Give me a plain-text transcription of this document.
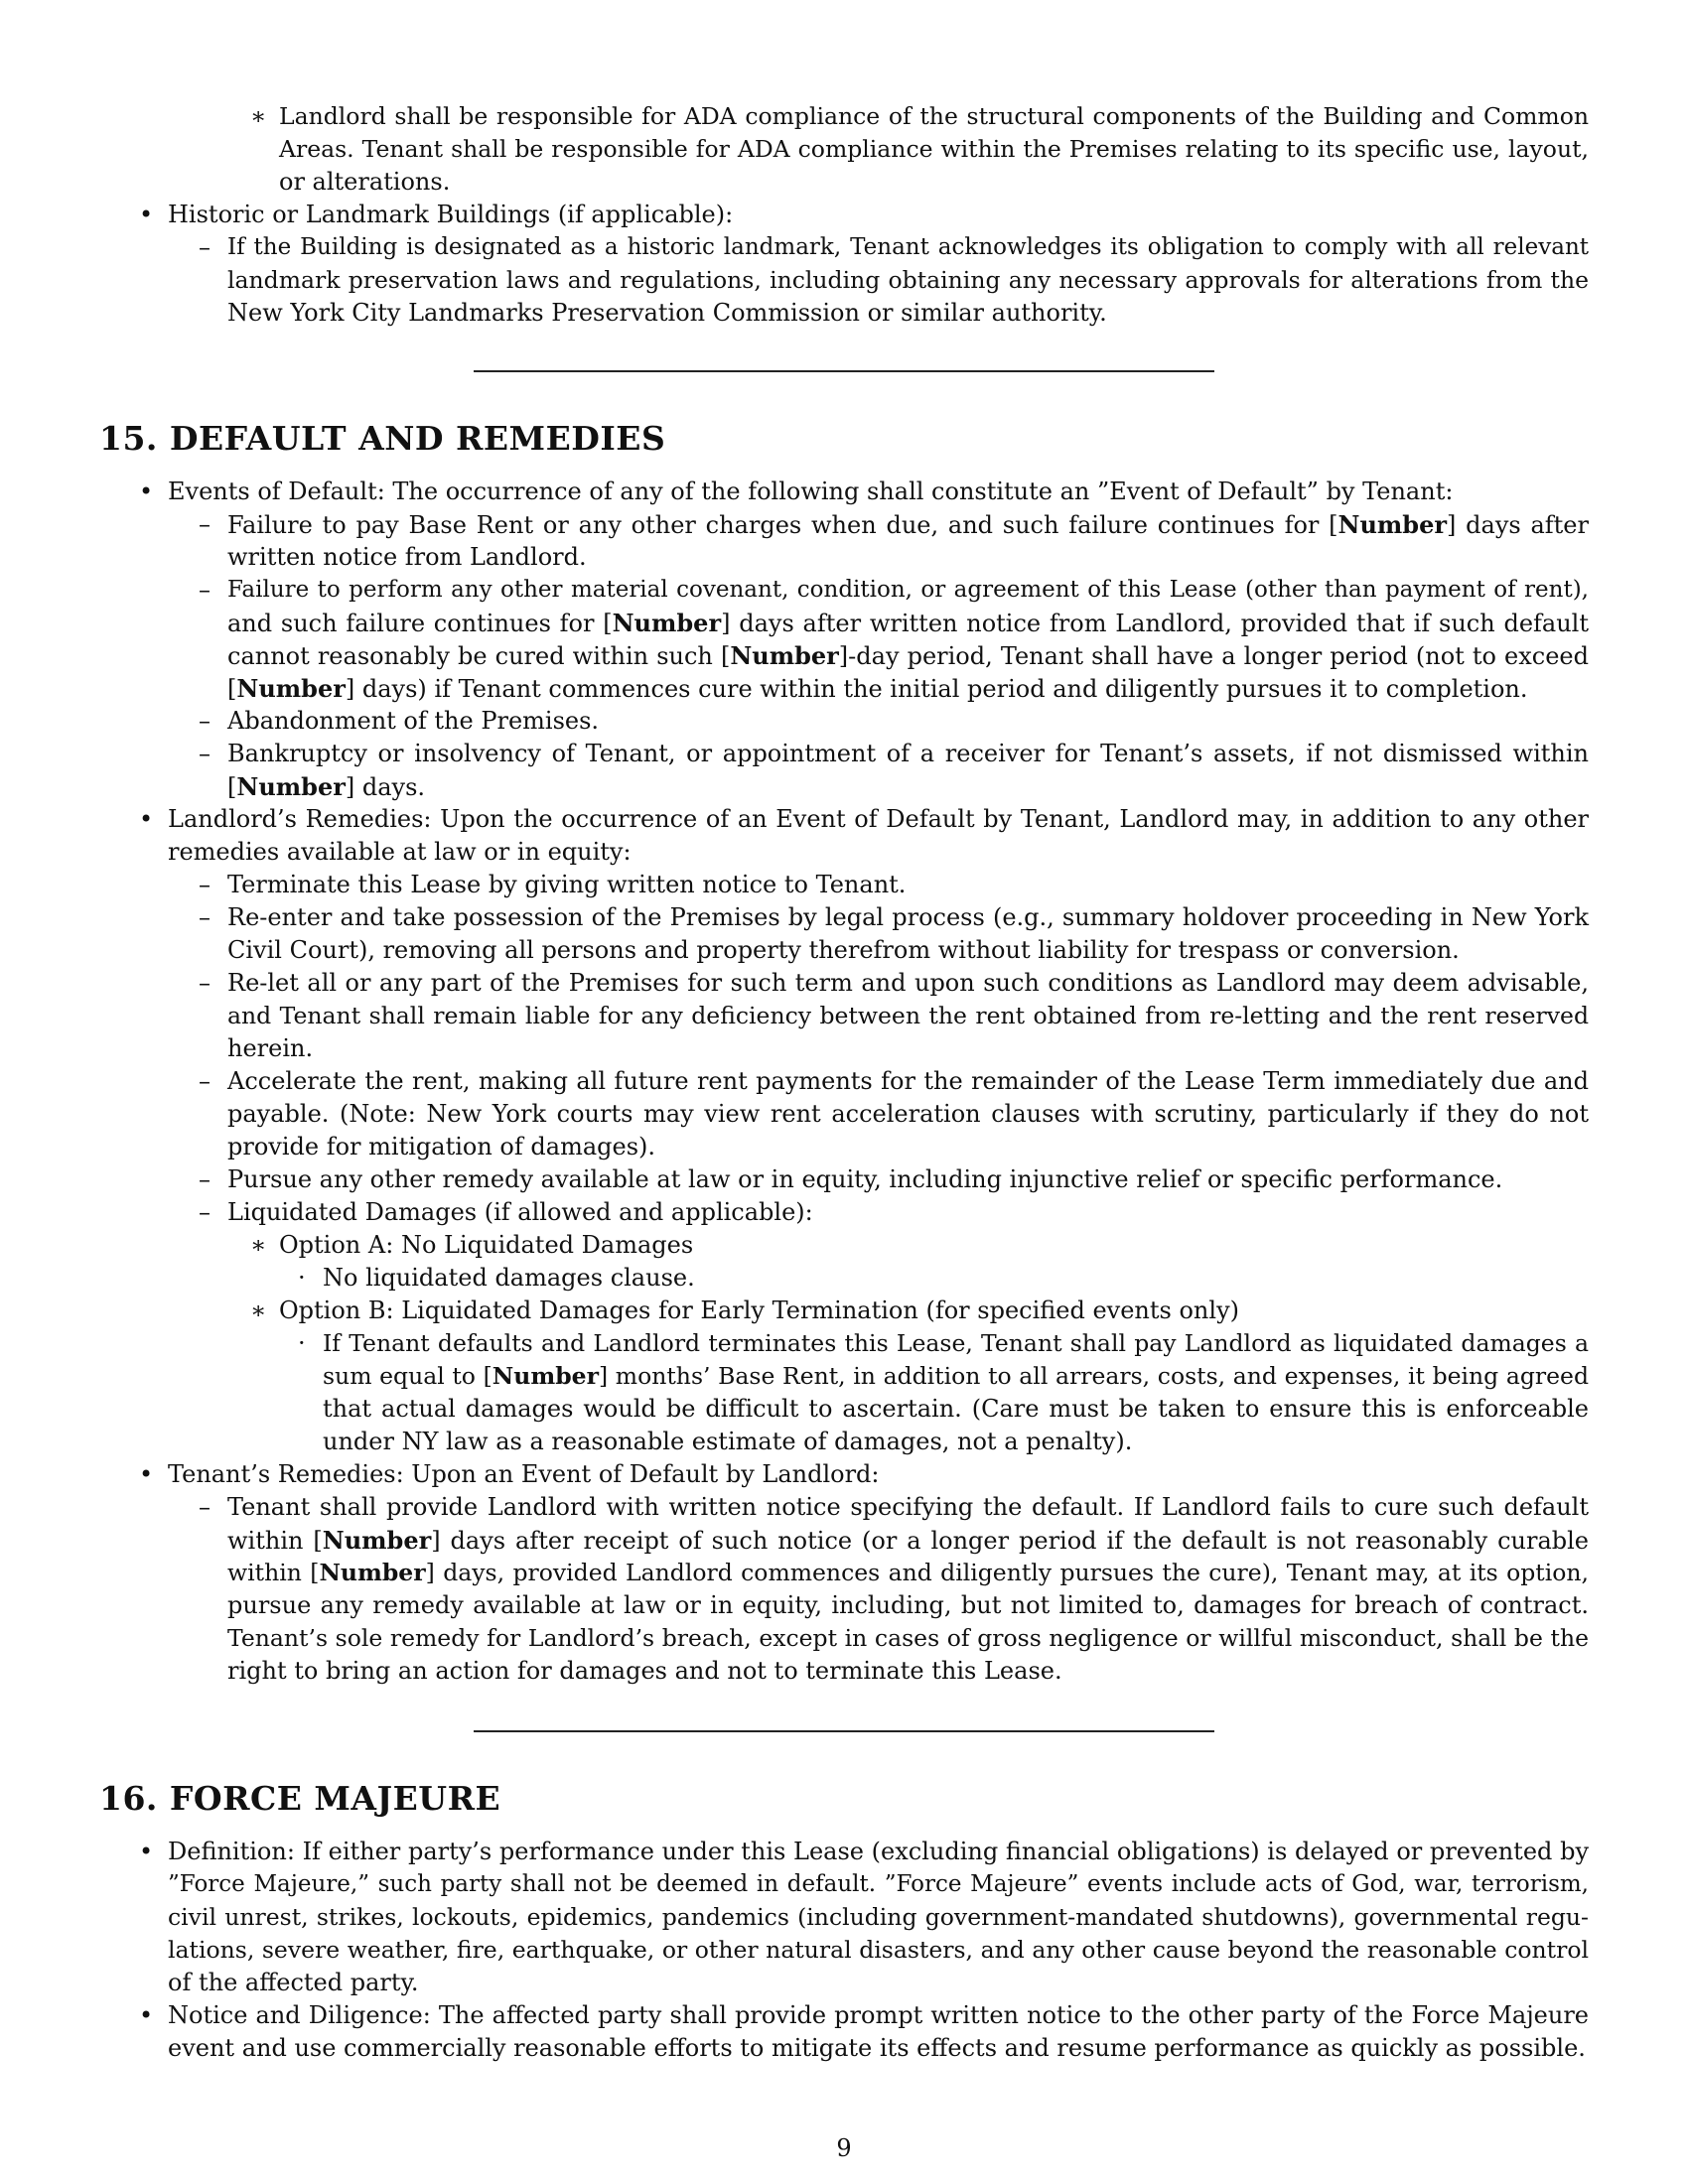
∗ Landlord shall be responsible for ADA compliance of the structural components of the Building and Common
Areas. Tenant shall be responsible for ADA compliance within the Premises relating to its specific use, layout,
or alterations.
• Historic or Landmark Buildings (if applicable):
– If the Building is designated as a historic landmark, Tenant acknowledges its obligation to comply with all relevant
landmark preservation laws and regulations, including obtaining any necessary approvals for alterations from the
New York City Landmarks Preservation Commission or similar authority.
15. DEFAULT AND REMEDIES
• Events of Default: The occurrence of any of the following shall constitute an ”Event of Default” by Tenant:
– Failure to pay Base Rent or any other charges when due, and such failure continues for [Number] days after
written notice from Landlord.
– Failure to perform any other material covenant, condition, or agreement of this Lease (other than payment of rent),
and such failure continues for [Number] days after written notice from Landlord, provided that if such default
cannot reasonably be cured within such [Number]-day period, Tenant shall have a longer period (not to exceed
[Number] days) if Tenant commences cure within the initial period and diligently pursues it to completion.
– Abandonment of the Premises.
– Bankruptcy or insolvency of Tenant, or appointment of a receiver for Tenant’s assets, if not dismissed within
[Number] days.
• Landlord’s Remedies: Upon the occurrence of an Event of Default by Tenant, Landlord may, in addition to any other
remedies available at law or in equity:
– Terminate this Lease by giving written notice to Tenant.
– Re-enter and take possession of the Premises by legal process (e.g., summary holdover proceeding in New York
Civil Court), removing all persons and property therefrom without liability for trespass or conversion.
– Re-let all or any part of the Premises for such term and upon such conditions as Landlord may deem advisable,
and Tenant shall remain liable for any deficiency between the rent obtained from re-letting and the rent reserved
herein.
– Accelerate the rent, making all future rent payments for the remainder of the Lease Term immediately due and
payable. (Note: New York courts may view rent acceleration clauses with scrutiny, particularly if they do not
provide for mitigation of damages).
– Pursue any other remedy available at law or in equity, including injunctive relief or specific performance.
– Liquidated Damages (if allowed and applicable):
∗ Option A: No Liquidated Damages
· No liquidated damages clause.
∗ Option B: Liquidated Damages for Early Termination (for specified events only)
· If Tenant defaults and Landlord terminates this Lease, Tenant shall pay Landlord as liquidated damages a
sum equal to [Number] months’ Base Rent, in addition to all arrears, costs, and expenses, it being agreed
that actual damages would be difficult to ascertain. (Care must be taken to ensure this is enforceable
under NY law as a reasonable estimate of damages, not a penalty).
• Tenant’s Remedies: Upon an Event of Default by Landlord:
– Tenant shall provide Landlord with written notice specifying the default. If Landlord fails to cure such default
within [Number] days after receipt of such notice (or a longer period if the default is not reasonably curable
within [Number] days, provided Landlord commences and diligently pursues the cure), Tenant may, at its option,
pursue any remedy available at law or in equity, including, but not limited to, damages for breach of contract.
Tenant’s sole remedy for Landlord’s breach, except in cases of gross negligence or willful misconduct, shall be the
right to bring an action for damages and not to terminate this Lease.
16. FORCE MAJEURE
• Definition: If either party’s performance under this Lease (excluding financial obligations) is delayed or prevented by
”Force Majeure,” such party shall not be deemed in default. ”Force Majeure” events include acts of God, war, terrorism,
civil unrest, strikes, lockouts, epidemics, pandemics (including government-mandated shutdowns), governmental regu-
lations, severe weather, fire, earthquake, or other natural disasters, and any other cause beyond the reasonable control
of the affected party.
• Notice and Diligence: The affected party shall provide prompt written notice to the other party of the Force Majeure
event and use commercially reasonable efforts to mitigate its effects and resume performance as quickly as possible.
9
